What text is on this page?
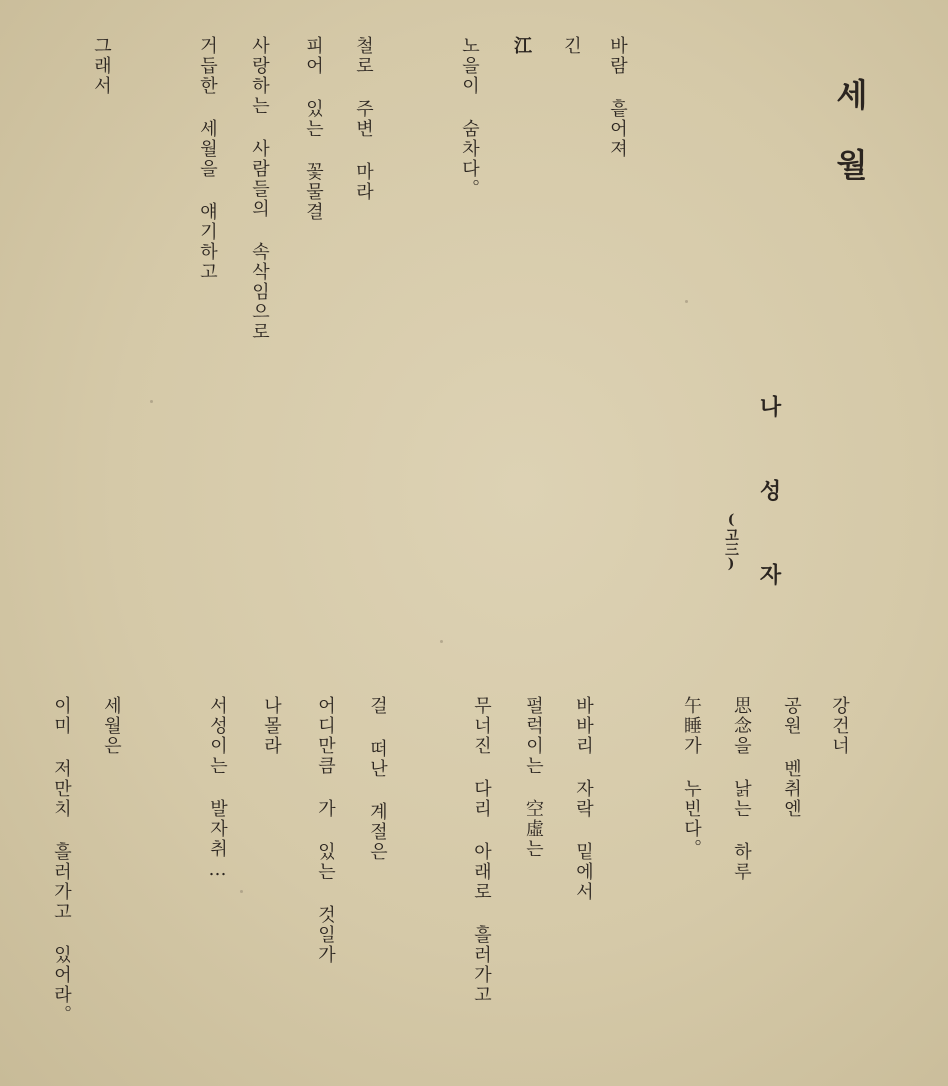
세 월
나 성 자
(고三)
바람 흩어져
긴
江
노을이 숨차다。
철로 주변 마라
피어 있는 꽃물결
사랑하는 사람들의 속삭임으로
거듭한 세월을 얘기하고
그래서
강건너
공원 벤취엔
思念을 낡는 하루
午睡가 누빈다。
바바리 자락 밑에서
펄럭이는 空虛는
무너진 다리 아래로 흘러가고
걸 떠난 계절은
어디만큼 가 있는 것일가
나몰라
서성이는 발자취…
세월은
이미 저만치 흘러가고 있어라。
